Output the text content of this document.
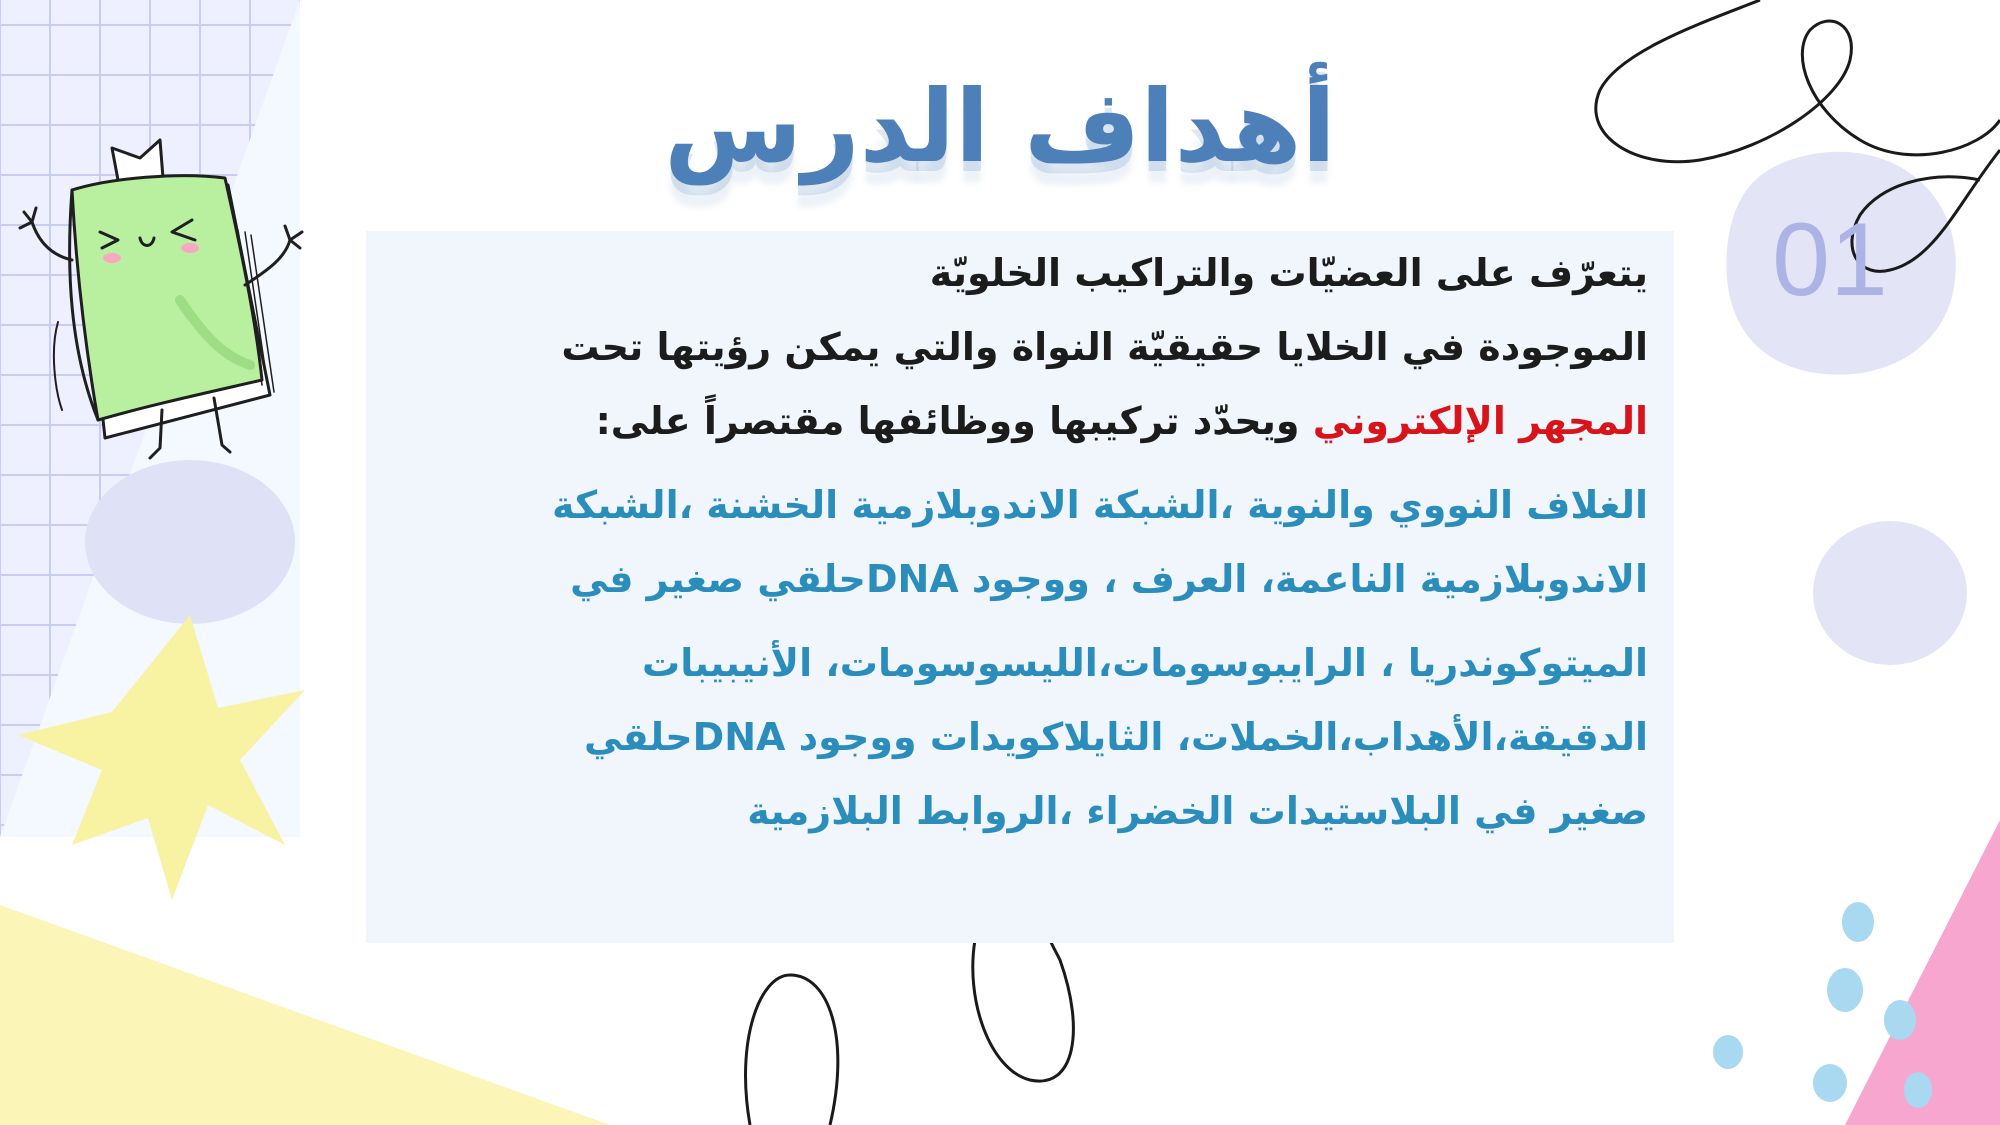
أهداف الدرس
01

يتعرّف على العضيّات والتراكيب الخلويّة

الموجودة في الخلايا حقيقيّة النواة والتي يمكن رؤيتها تحت

المجهر الإلكتروني ويحدّد تركيبها ووظائفها مقتصراً على:

الغلاف النووي والنوية ،الشبكة الاندوبلازمية الخشنة ،الشبكة

الاندوبلازمية الناعمة، العرف ، ووجود DNAحلقي صغير في

الميتوكوندريا ، الرايبوسومات،الليسوسومات، الأنيبيبات

الدقيقة،الأهداب،الخملات، الثايلاكويدات ووجود DNAحلقي

صغير في البلاستيدات الخضراء ،الروابط البلازمية
